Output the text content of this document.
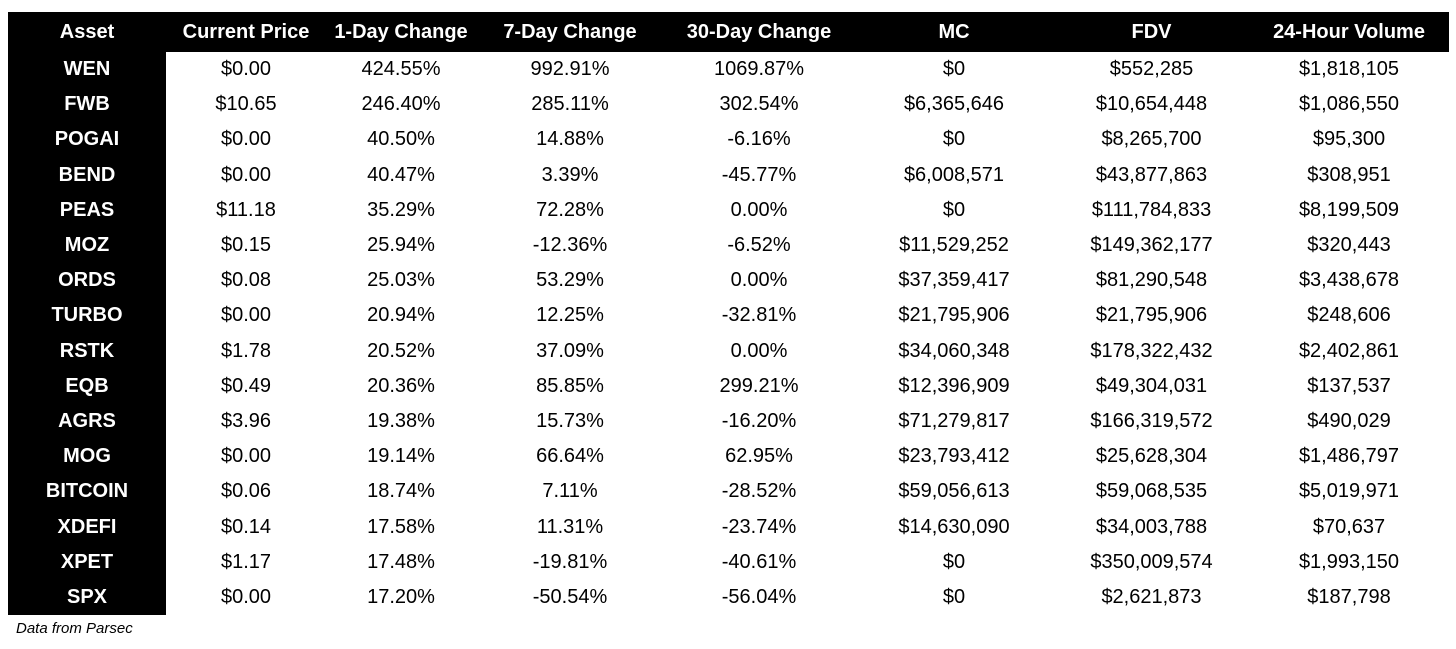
Asset	Current Price	1-Day Change	7-Day Change	30-Day Change	MC	FDV	24-Hour Volume
WEN	$0.00	424.55%	992.91%	1069.87%	$0	$552,285	$1,818,105
FWB	$10.65	246.40%	285.11%	302.54%	$6,365,646	$10,654,448	$1,086,550
POGAI	$0.00	40.50%	14.88%	-6.16%	$0	$8,265,700	$95,300
BEND	$0.00	40.47%	3.39%	-45.77%	$6,008,571	$43,877,863	$308,951
PEAS	$11.18	35.29%	72.28%	0.00%	$0	$111,784,833	$8,199,509
MOZ	$0.15	25.94%	-12.36%	-6.52%	$11,529,252	$149,362,177	$320,443
ORDS	$0.08	25.03%	53.29%	0.00%	$37,359,417	$81,290,548	$3,438,678
TURBO	$0.00	20.94%	12.25%	-32.81%	$21,795,906	$21,795,906	$248,606
RSTK	$1.78	20.52%	37.09%	0.00%	$34,060,348	$178,322,432	$2,402,861
EQB	$0.49	20.36%	85.85%	299.21%	$12,396,909	$49,304,031	$137,537
AGRS	$3.96	19.38%	15.73%	-16.20%	$71,279,817	$166,319,572	$490,029
MOG	$0.00	19.14%	66.64%	62.95%	$23,793,412	$25,628,304	$1,486,797
BITCOIN	$0.06	18.74%	7.11%	-28.52%	$59,056,613	$59,068,535	$5,019,971
XDEFI	$0.14	17.58%	11.31%	-23.74%	$14,630,090	$34,003,788	$70,637
XPET	$1.17	17.48%	-19.81%	-40.61%	$0	$350,009,574	$1,993,150
SPX	$0.00	17.20%	-50.54%	-56.04%	$0	$2,621,873	$187,798
Data from Parsec
